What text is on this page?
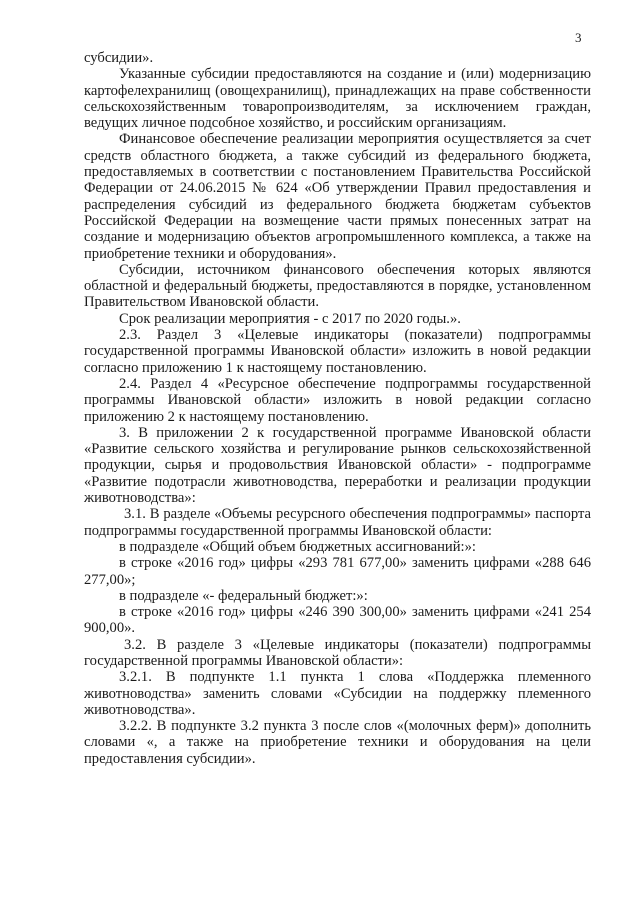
3

субсидии».

Указанные субсидии предоставляются на создание и (или) модернизацию картофелехранилищ (овощехранилищ), принадлежащих на праве собственности сельскохозяйственным товаропроизводителям, за исключением граждан, ведущих личное подсобное хозяйство, и российским организациям.

Финансовое обеспечение реализации мероприятия осуществляется за счет средств областного бюджета, а также субсидий из федерального бюджета, предоставляемых в соответствии с постановлением Правительства Российской Федерации от 24.06.2015 № 624 «Об утверждении Правил предоставления и распределения субсидий из федерального бюджета бюджетам субъектов Российской Федерации на возмещение части прямых понесенных затрат на создание и модернизацию объектов агропромышленного комплекса, а также на приобретение техники и оборудования».

Субсидии, источником финансового обеспечения которых являются областной и федеральный бюджеты, предоставляются в порядке, установленном Правительством Ивановской области.

Срок реализации мероприятия - с 2017 по 2020 годы.».

2.3. Раздел 3 «Целевые индикаторы (показатели) подпрограммы государственной программы Ивановской области» изложить в новой редакции согласно приложению 1 к настоящему постановлению.

2.4. Раздел 4 «Ресурсное обеспечение подпрограммы государственной программы Ивановской области» изложить в новой редакции согласно приложению 2 к настоящему постановлению.

3. В приложении 2 к государственной программе Ивановской области «Развитие сельского хозяйства и регулирование рынков сельскохозяйственной продукции, сырья и продовольствия Ивановской области» - подпрограмме «Развитие подотрасли животноводства, переработки и реализации продукции животноводства»:

3.1. В разделе «Объемы ресурсного обеспечения подпрограммы» паспорта подпрограммы государственной программы Ивановской области:

в подразделе «Общий объем бюджетных ассигнований:»:

в строке «2016 год» цифры «293 781 677,00» заменить цифрами «288 646 277,00»;

в подразделе «- федеральный бюджет:»:

в строке «2016 год» цифры «246 390 300,00» заменить цифрами «241 254 900,00».

3.2. В разделе 3 «Целевые индикаторы (показатели) подпрограммы государственной программы Ивановской области»:

3.2.1. В подпункте 1.1 пункта 1 слова «Поддержка племенного животноводства» заменить словами «Субсидии на поддержку племенного животноводства».

3.2.2. В подпункте 3.2 пункта 3 после слов «(молочных ферм)» дополнить словами «, а также на приобретение техники и оборудования на цели предоставления субсидии».
